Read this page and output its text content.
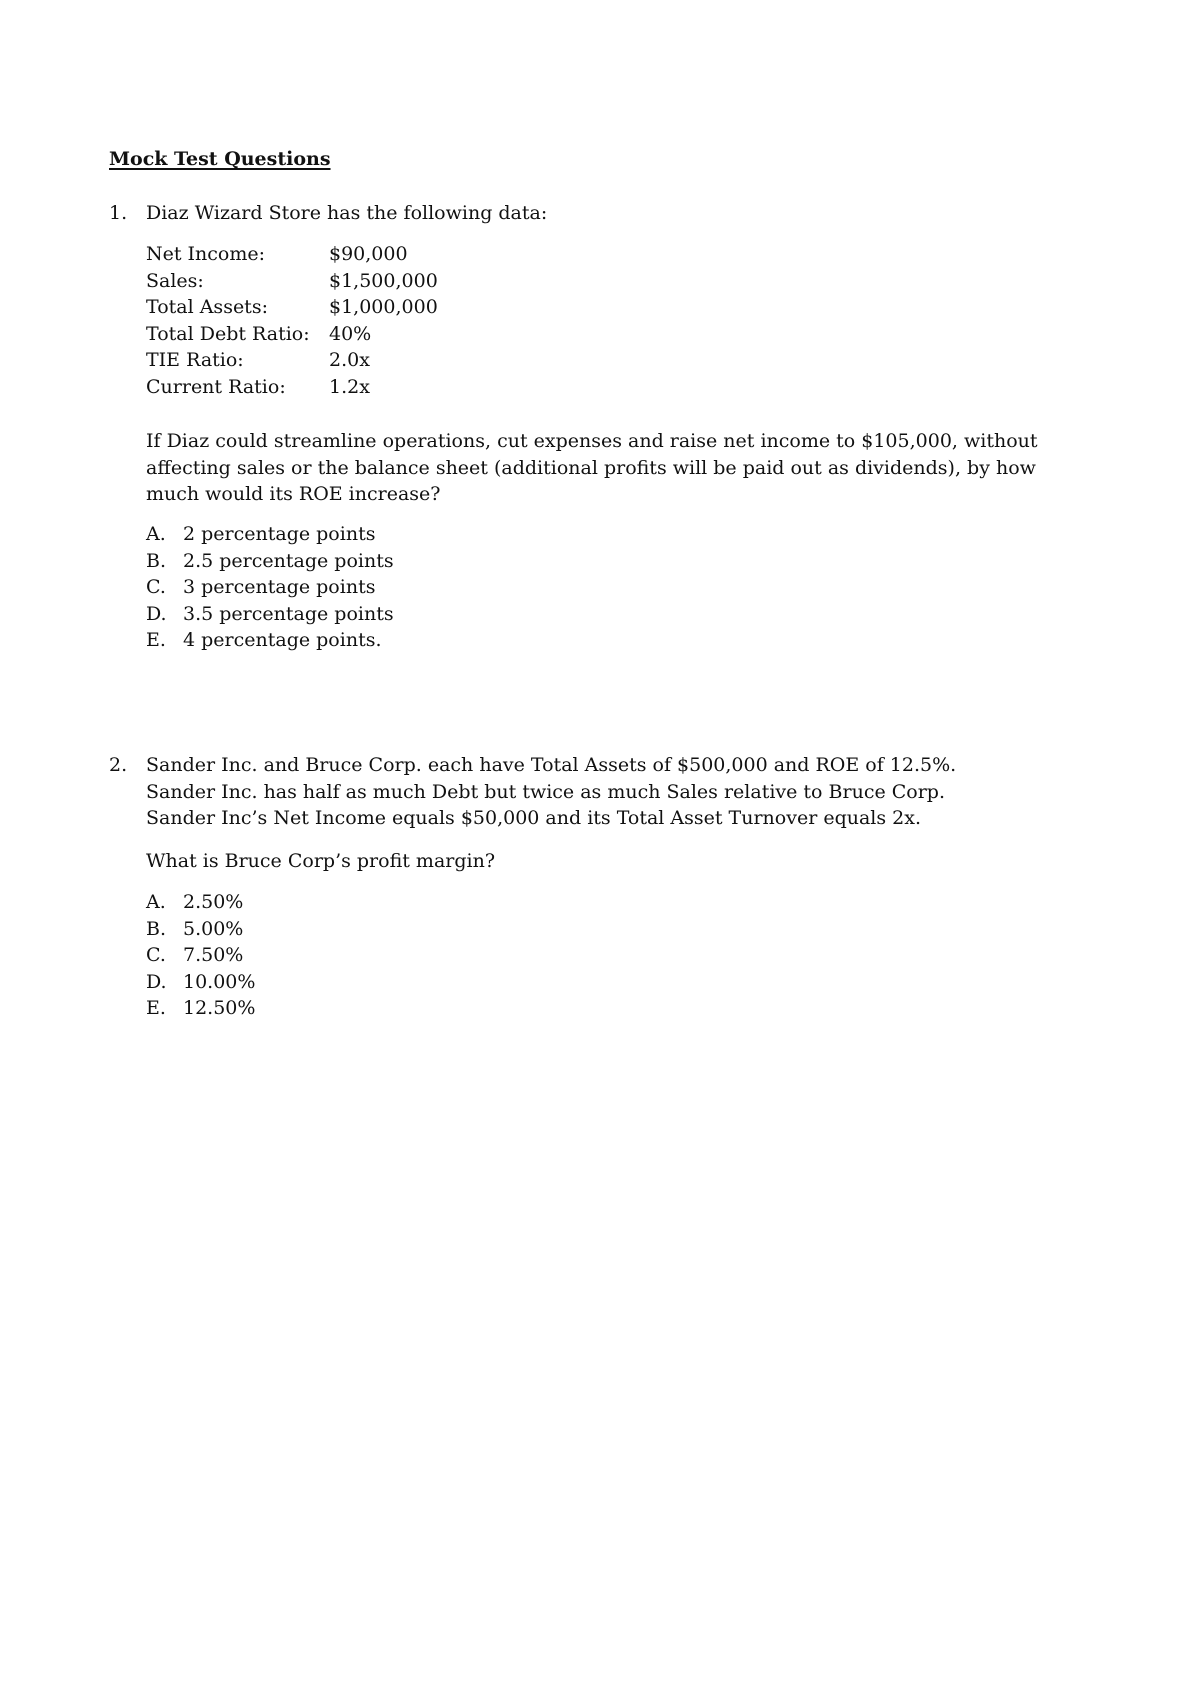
Mock Test Questions
1. Diaz Wizard Store has the following data:
Net Income:	$90,000
Sales:	$1,500,000
Total Assets:	$1,000,000
Total Debt Ratio:	40%
TIE Ratio:	2.0x
Current Ratio:	1.2x
If Diaz could streamline operations, cut expenses and raise net income to $105,000, without affecting sales or the balance sheet (additional profits will be paid out as dividends), by how much would its ROE increase?
A. 2 percentage points
B. 2.5 percentage points
C. 3 percentage points
D. 3.5 percentage points
E. 4 percentage points.
2. Sander Inc. and Bruce Corp. each have Total Assets of $500,000 and ROE of 12.5%.
Sander Inc. has half as much Debt but twice as much Sales relative to Bruce Corp.
Sander Inc’s Net Income equals $50,000 and its Total Asset Turnover equals 2x.
What is Bruce Corp’s profit margin?
A. 2.50%
B. 5.00%
C. 7.50%
D. 10.00%
E. 12.50%
